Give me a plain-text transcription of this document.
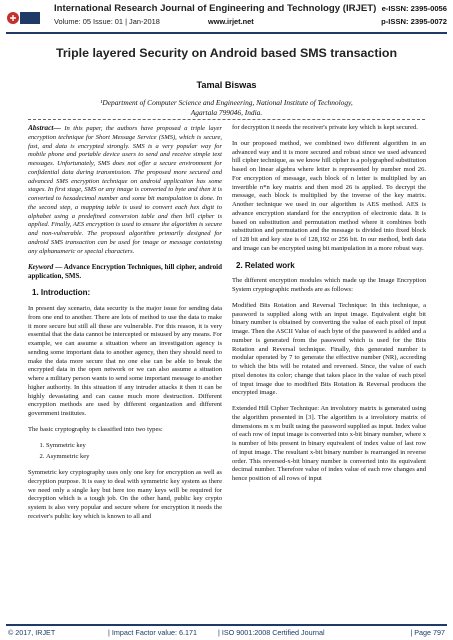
International Research Journal of Engineering and Technology (IRJET)
Volume: 05 Issue: 01 | Jan-2018	www.irjet.net
e-ISSN: 2395-0056
p-ISSN: 2395-0072
Triple layered Security on Android based SMS transaction
Tamal Biswas
¹Department of Computer Science and Engineering, National Institute of Technology,
Agartala 799046, India.

Abstract— In this paper, the authors have proposed a triple layer encryption technique for Short Message Service (SMS), which is secure, fast, and data is encrypted strongly. SMS is a very popular way for mobile phone and portable device users to send and receive simple text messages. Unfortunately, SMS does not offer a secure environment for confidential data during transmission. The proposed more secured and advanced SMS encryption technique on android application has some stages. In first stage, SMS or any image is converted to byte and then it is converted to hexadecimal number and some bit manipulation is done. In the second step, a mapping table is used to convert each hex digit to alphabet using a predefined conversion table and then hill cipher is applied. Finally, AES encryption is used to ensure the algorithm is secure and non-vulnerable. The proposed algorithm primarily designed for android SMS transaction can be used for image or message containing any alphanumeric or special characters.

Keyword — Advance Encryption Techniques, hill cipher, android application, SMS.

1. Introduction:

In present day scenario, data security is the major issue for sending data from one end to another. There are lots of method to use the data to make it more secure but still all these are vulnerable. For this reason, it is very essential that the data cannot be intercepted or misused by any means. For example, we can assume a situation where an investigation agency is sending some important data to another agency, then they should need to make the data more secure that no one else can be able to break the encrypted data in the open network or we can also assume a situation where a military person wants to send some important message to another higher authority. In this situation if any intruder attacks it then it can be highly devastating and can cause much more destruction. Different encryption methods are used by different organization and different government institutes.

The basic cryptography is classified into two types:

1. Symmetric key
2. Asymmetric key

Symmetric key cryptography uses only one key for encryption as well as decryption purpose. It is easy to deal with symmetric key system as there we need only a single key but here too many keys will be required for decryption which is a tough job. On the other hand, public key crypto system is also very popular and secure where for encryption it needs the receiver's public key which is known to all and

for decryption it needs the receiver's private key which is kept secured.

In our proposed method, we combined two different algorithm in an advanced way and it is more secured and robust since we used advanced hill cipher technique, as we know hill cipher is a polygraphed substitution based on linear algebra where letter is represented by number mod 26. For encryption of message, each block of n letter is multiplied by an invertible n*n key matrix and then mod 26 is applied. To decrypt the message, each block is multiplied by the inverse of the key matrix. Another technique we used in our algorithm is AES method. AES is advance encryption standard for the encryption of electronic data. It is based on substitution and permutation method where it combines both substitution and permutation and the message is divided into fixed block of 128 bit and key size is of 128,192 or 256 bit. In our method, both data and image can be encrypted using bit manipulation in a more robust way.

2. Related work

The different encryption modules which made up the Image Encryption System cryptographic methods are as follows:

Modified Bits Rotation and Reversal Technique: In this technique, a password is supplied along with an input image. Equivalent eight bit binary number is obtained by converting the value of each pixel of input image. Then the ASCII Value of each byte of the password is added and a number is generated from the password which is used for the Bits Rotation and Reversal technique. Finally, this generated number is modular operated by 7 to generate the effective number (NR), according to which the bits will be rotated and reversed. Since, the value of each pixel denotes its color; change that takes place in the value of each pixel of input image due to modified Bits Rotation & Reversal produces the encrypted image.

Extended Hill Cipher Technique: An involutory matrix is generated using the algorithm presented in [3]. The algorithm is a involutory matrix of dimensions m x m built using the password supplied as input. Index value of each row of input image is converted into x-bit binary number, where x is number of bits present in binary equivalent of index value of last row of input image. The resultant x-bit binary number is rearranged in reverse order. This reversed-x-bit binary number is converted into its equivalent decimal number. Therefore value of index value of each row changes and hence position of all rows of input

© 2017, IRJET	| Impact Factor value: 6.171	| ISO 9001:2008 Certified Journal	| Page 797
